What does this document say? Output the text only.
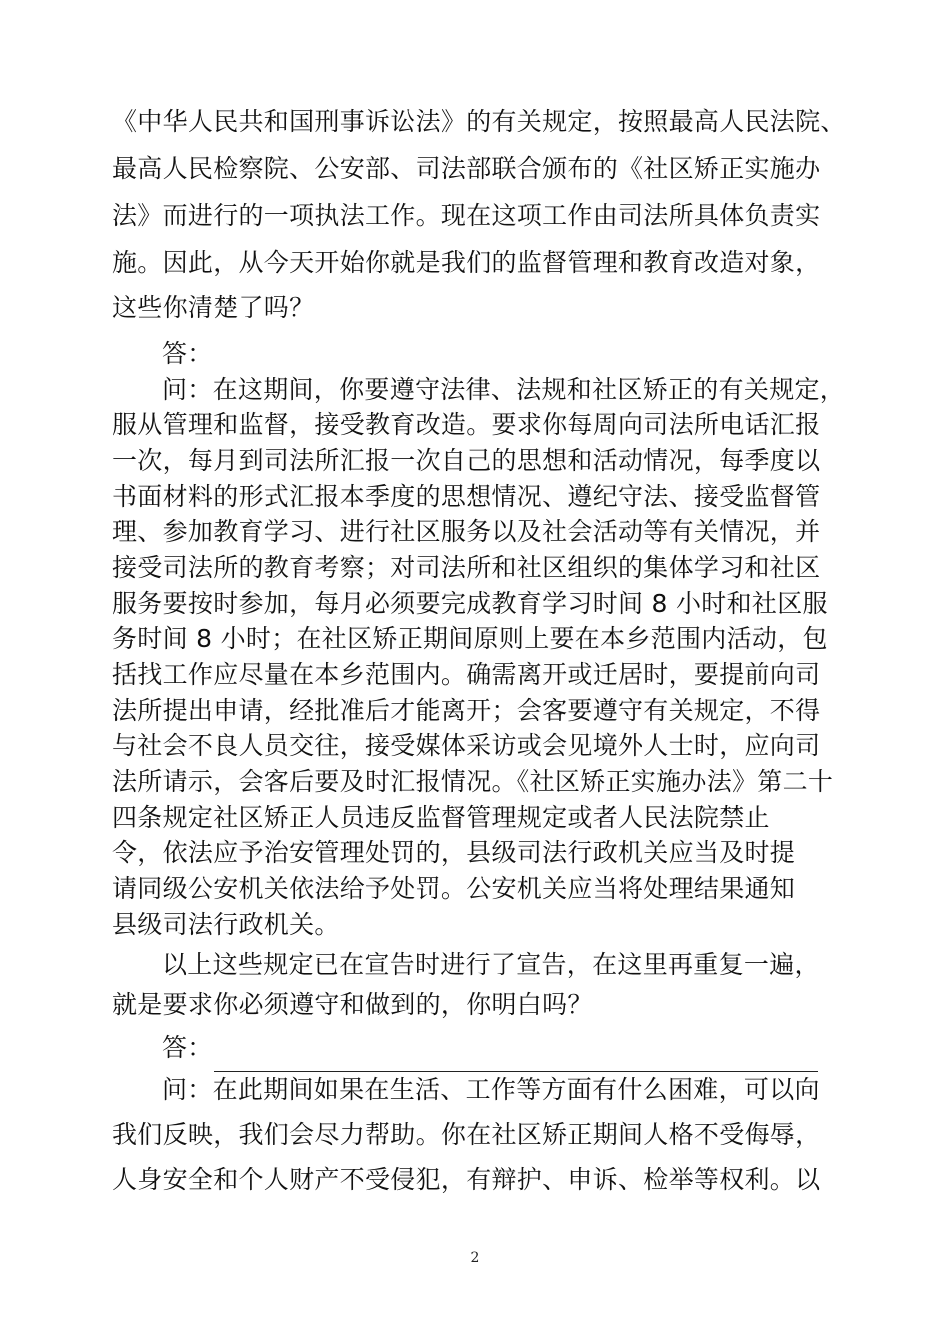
《中华人民共和国刑事诉讼法》的有关规定，按照最高人民法院、
最高人民检察院、公安部、司法部联合颁布的《社区矫正实施办
法》而进行的一项执法工作。现在这项工作由司法所具体负责实
施。因此，从今天开始你就是我们的监督管理和教育改造对象，
这些你清楚了吗？
答：
问：在这期间，你要遵守法律、法规和社区矫正的有关规定，
服从管理和监督，接受教育改造。要求你每周向司法所电话汇报
一次，每月到司法所汇报一次自己的思想和活动情况，每季度以
书面材料的形式汇报本季度的思想情况、遵纪守法、接受监督管
理、参加教育学习、进行社区服务以及社会活动等有关情况，并
接受司法所的教育考察；对司法所和社区组织的集体学习和社区
服务要按时参加，每月必须要完成教育学习时间 8 小时和社区服
务时间 8 小时；在社区矫正期间原则上要在本乡范围内活动，包
括找工作应尽量在本乡范围内。确需离开或迁居时，要提前向司
法所提出申请，经批准后才能离开；会客要遵守有关规定，不得
与社会不良人员交往，接受媒体采访或会见境外人士时，应向司
法所请示，会客后要及时汇报情况。《社区矫正实施办法》第二十
四条规定社区矫正人员违反监督管理规定或者人民法院禁止
令，依法应予治安管理处罚的，县级司法行政机关应当及时提
请同级公安机关依法给予处罚。公安机关应当将处理结果通知
县级司法行政机关。
以上这些规定已在宣告时进行了宣告，在这里再重复一遍，
就是要求你必须遵守和做到的，你明白吗？
答：
问：在此期间如果在生活、工作等方面有什么困难，可以向
我们反映，我们会尽力帮助。你在社区矫正期间人格不受侮辱，
人身安全和个人财产不受侵犯，有辩护、申诉、检举等权利。以
2
